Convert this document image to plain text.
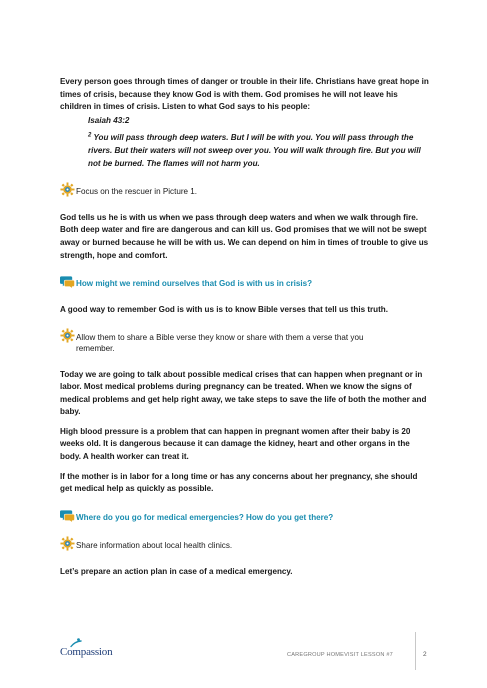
Every person goes through times of danger or trouble in their life. Christians have great hope in times of crisis, because they know God is with them. God promises he will not leave his children in times of crisis. Listen to what God says to his people:

Isaiah 43:2

$^2$ You will pass through deep waters. But I will be with you. You will pass through the rivers. But their waters will not sweep over you. You will walk through fire. But you will not be burned. The flames will not harm you.

Focus on the rescuer in Picture 1.

God tells us he is with us when we pass through deep waters and when we walk through fire. Both deep water and fire are dangerous and can kill us. God promises that we will not be swept away or burned because he will be with us. We can depend on him in times of trouble to give us strength, hope and comfort.

How might we remind ourselves that God is with us in crisis?

A good way to remember God is with us is to know Bible verses that tell us this truth.

Allow them to share a Bible verse they know or share with them a verse that you

remember.

Today we are going to talk about possible medical crises that can happen when pregnant or in labor. Most medical problems during pregnancy can be treated. When we know the signs of medical problems and get help right away, we take steps to save the life of both the mother and baby.

High blood pressure is a problem that can happen in pregnant women after their baby is 20 weeks old. It is dangerous because it can damage the kidney, heart and other organs in the body. A health worker can treat it.

If the mother is in labor for a long time or has any concerns about her pregnancy, she should get medical help as quickly as possible.

Where do you go for medical emergencies? How do you get there?

Share information about local health clinics.

Let’s prepare an action plan in case of a medical emergency.

Compassion	CAREGROUP HOMEVISIT LESSON #7	2
